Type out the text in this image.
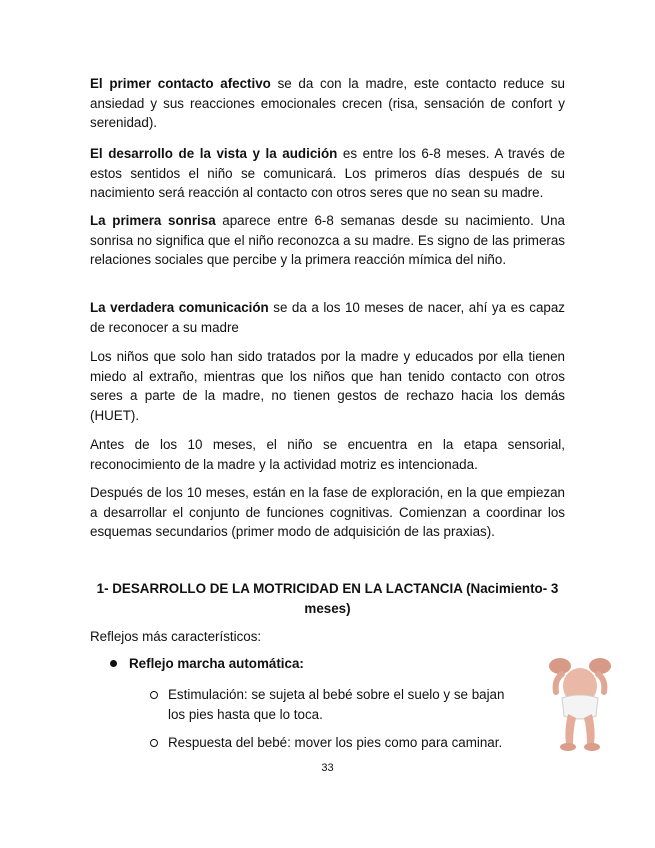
El primer contacto afectivo se da con la madre, este contacto reduce su ansiedad y sus reacciones emocionales crecen (risa, sensación de confort y serenidad).

El desarrollo de la vista y la audición es entre los 6-8 meses. A través de estos sentidos el niño se comunicará. Los primeros días después de su nacimiento será reacción al contacto con otros seres que no sean su madre.

La primera sonrisa aparece entre 6-8 semanas desde su nacimiento. Una sonrisa no significa que el niño reconozca a su madre. Es signo de las primeras relaciones sociales que percibe y la primera reacción mímica del niño.

La verdadera comunicación se da a los 10 meses de nacer, ahí ya es capaz de reconocer a su madre

Los niños que solo han sido tratados por la madre y educados por ella tienen miedo al extraño, mientras que los niños que han tenido contacto con otros seres a parte de la madre, no tienen gestos de rechazo hacia los demás (HUET).

Antes de los 10 meses, el niño se encuentra en la etapa sensorial, reconocimiento de la madre y la actividad motriz es intencionada.

Después de los 10 meses, están en la fase de exploración, en la que empiezan a desarrollar el conjunto de funciones cognitivas. Comienzan a coordinar los esquemas secundarios (primer modo de adquisición de las praxias).

1- DESARROLLO DE LA MOTRICIDAD EN LA LACTANCIA (Nacimiento- 3 meses)

Reflejos más característicos:

Reflejo marcha automática:
Estimulación: se sujeta al bebé sobre el suelo y se bajan los pies hasta que lo toca.
Respuesta del bebé: mover los pies como para caminar.
33
